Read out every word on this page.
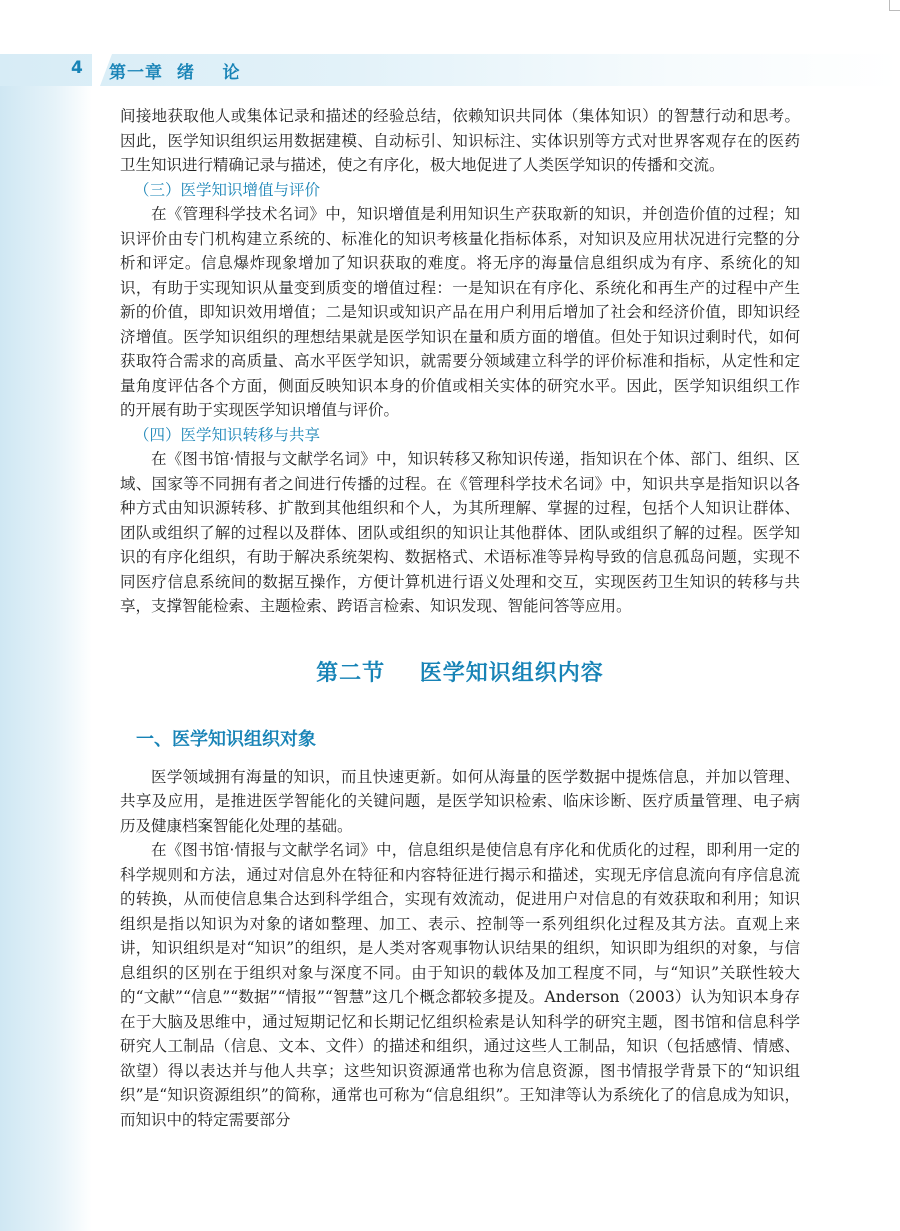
4 第一章  绪    论

间接地获取他人或集体记录和描述的经验总结，依赖知识共同体（集体知识）的智慧行动和思考。因此，医学知识组织运用数据建模、自动标引、知识标注、实体识别等方式对世界客观存在的医药卫生知识进行精确记录与描述，使之有序化，极大地促进了人类医学知识的传播和交流。

（三）医学知识增值与评价

在《管理科学技术名词》中，知识增值是利用知识生产获取新的知识，并创造价值的过程；知识评价由专门机构建立系统的、标准化的知识考核量化指标体系，对知识及应用状况进行完整的分析和评定。信息爆炸现象增加了知识获取的难度。将无序的海量信息组织成为有序、系统化的知识，有助于实现知识从量变到质变的增值过程：一是知识在有序化、系统化和再生产的过程中产生新的价值，即知识效用增值；二是知识或知识产品在用户利用后增加了社会和经济价值，即知识经济增值。医学知识组织的理想结果就是医学知识在量和质方面的增值。但处于知识过剩时代，如何获取符合需求的高质量、高水平医学知识，就需要分领域建立科学的评价标准和指标，从定性和定量角度评估各个方面，侧面反映知识本身的价值或相关实体的研究水平。因此，医学知识组织工作的开展有助于实现医学知识增值与评价。

（四）医学知识转移与共享

在《图书馆·情报与文献学名词》中，知识转移又称知识传递，指知识在个体、部门、组织、区域、国家等不同拥有者之间进行传播的过程。在《管理科学技术名词》中，知识共享是指知识以各种方式由知识源转移、扩散到其他组织和个人，为其所理解、掌握的过程，包括个人知识让群体、团队或组织了解的过程以及群体、团队或组织的知识让其他群体、团队或组织了解的过程。医学知识的有序化组织，有助于解决系统架构、数据格式、术语标准等异构导致的信息孤岛问题，实现不同医疗信息系统间的数据互操作，方便计算机进行语义处理和交互，实现医药卫生知识的转移与共享，支撑智能检索、主题检索、跨语言检索、知识发现、智能问答等应用。

第二节    医学知识组织内容
一、医学知识组织对象

医学领域拥有海量的知识，而且快速更新。如何从海量的医学数据中提炼信息，并加以管理、共享及应用，是推进医学智能化的关键问题，是医学知识检索、临床诊断、医疗质量管理、电子病历及健康档案智能化处理的基础。

在《图书馆·情报与文献学名词》中，信息组织是使信息有序化和优质化的过程，即利用一定的科学规则和方法，通过对信息外在特征和内容特征进行揭示和描述，实现无序信息流向有序信息流的转换，从而使信息集合达到科学组合，实现有效流动，促进用户对信息的有效获取和利用；知识组织是指以知识为对象的诸如整理、加工、表示、控制等一系列组织化过程及其方法。直观上来讲，知识组织是对“知识”的组织，是人类对客观事物认识结果的组织，知识即为组织的对象，与信息组织的区别在于组织对象与深度不同。由于知识的载体及加工程度不同，与“知识”关联性较大的“文献”“信息”“数据”“情报”“智慧”这几个概念都较多提及。Anderson（2003）认为知识本身存在于大脑及思维中，通过短期记忆和长期记忆组织检索是认知科学的研究主题，图书馆和信息科学研究人工制品（信息、文本、文件）的描述和组织，通过这些人工制品，知识（包括感情、情感、欲望）得以表达并与他人共享；这些知识资源通常也称为信息资源，图书情报学背景下的“知识组织”是“知识资源组织”的简称，通常也可称为“信息组织”。王知津等认为系统化了的信息成为知识，而知识中的特定需要部分
